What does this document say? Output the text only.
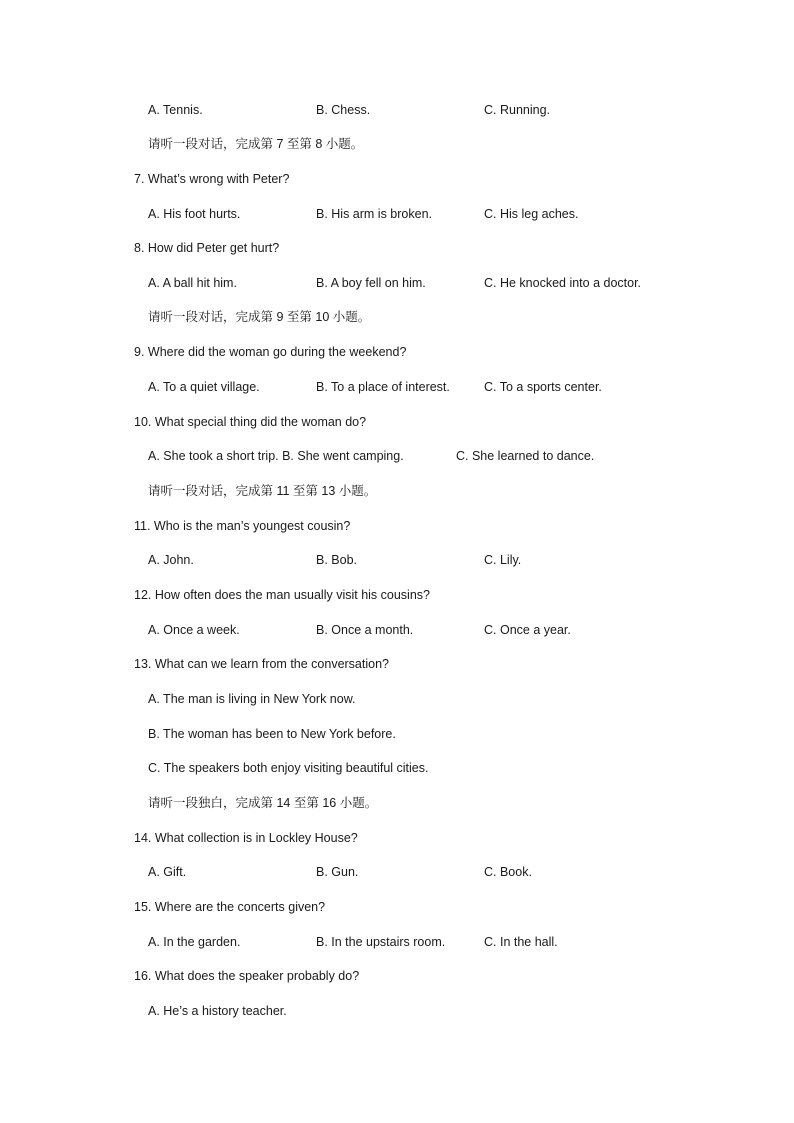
A. Tennis.	B. Chess.	C. Running.
请听一段对话，完成第 7 至第 8 小题。
7. What’s wrong with Peter?
A. His foot hurts.	B. His arm is broken.	C. His leg aches.
8. How did Peter get hurt?
A. A ball hit him.	B. A boy fell on him.	C. He knocked into a doctor.
请听一段对话，完成第 9 至第 10 小题。
9. Where did the woman go during the weekend?
A. To a quiet village.	B. To a place of interest.	C. To a sports center.
10. What special thing did the woman do?
A. She took a short trip. B. She went camping.	C. She learned to dance.
请听一段对话，完成第 11 至第 13 小题。
11. Who is the man’s youngest cousin?
A. John.	B. Bob.	C. Lily.
12. How often does the man usually visit his cousins?
A. Once a week.	B. Once a month.	C. Once a year.
13. What can we learn from the conversation?
A. The man is living in New York now.
B. The woman has been to New York before.
C. The speakers both enjoy visiting beautiful cities.
请听一段独白，完成第 14 至第 16 小题。
14. What collection is in Lockley House?
A. Gift.	B. Gun.	C. Book.
15. Where are the concerts given?
A. In the garden.	B. In the upstairs room.	C. In the hall.
16. What does the speaker probably do?
A. He’s a history teacher.
